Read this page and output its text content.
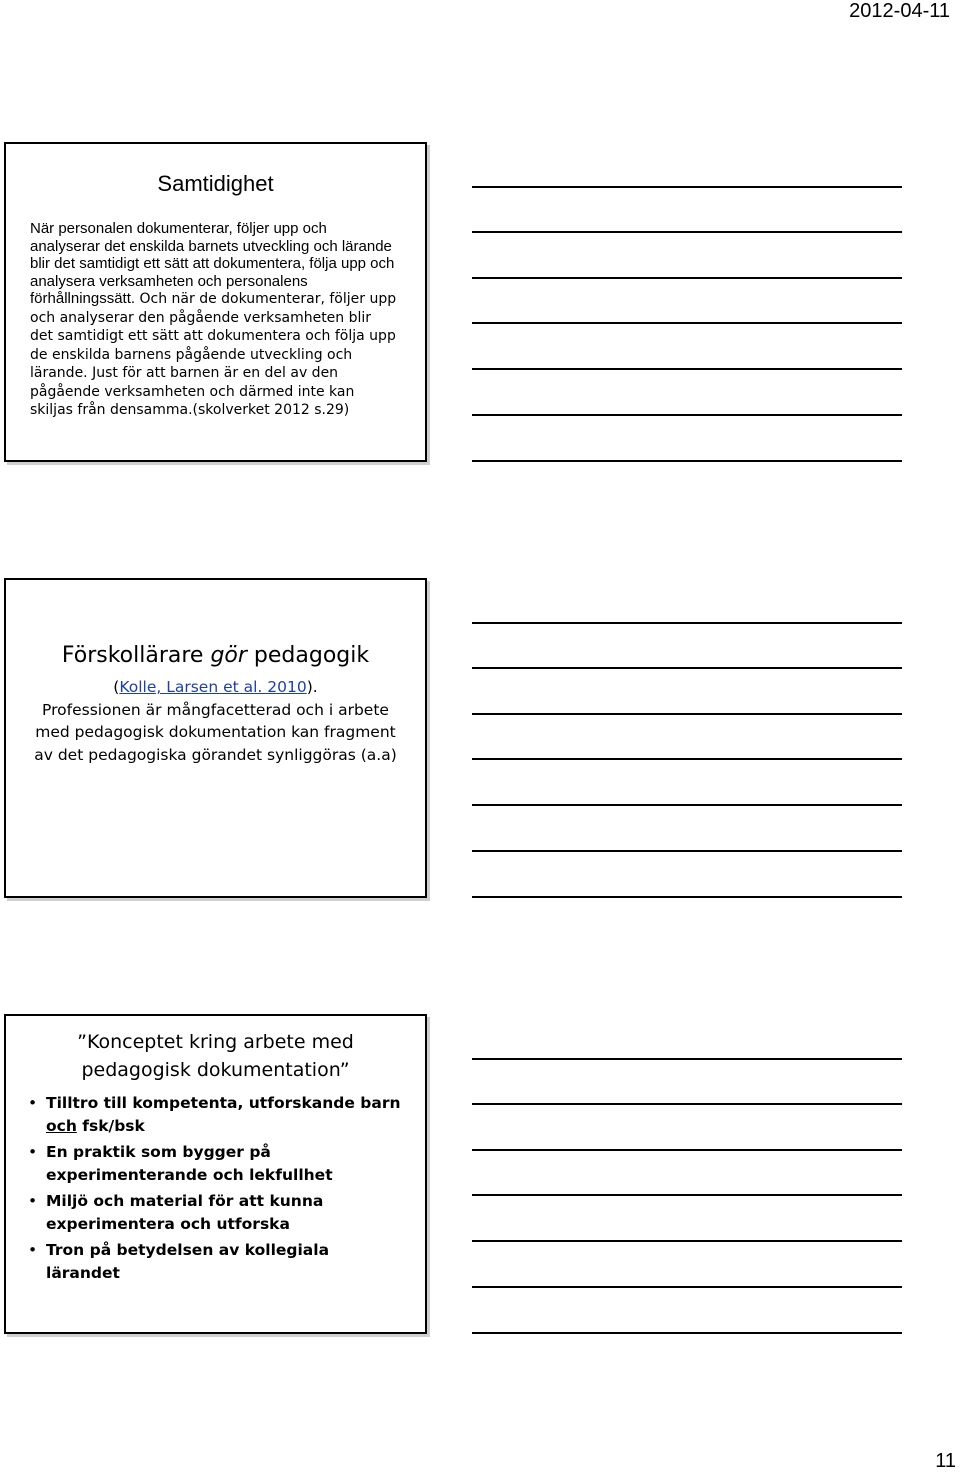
2012-04-11
Samtidighet
När personalen dokumenterar, följer upp och analyserar det enskilda barnets utveckling och lärande blir det samtidigt ett sätt att dokumentera, följa upp och analysera verksamheten och personalens förhållningssätt. Och när de dokumenterar, följer upp och analyserar den pågående verksamheten blir det samtidigt ett sätt att dokumentera och följa upp de enskilda barnens pågående utveckling och lärande. Just för att barnen är en del av den pågående verksamheten och därmed inte kan skiljas från densamma.(skolverket 2012 s.29)
Förskollärare gör pedagogik
(Kolle, Larsen et al. 2010).
Professionen är mångfacetterad och i arbete med pedagogisk dokumentation kan fragment av det pedagogiska görandet synliggöras (a.a)
”Konceptet kring arbete med
pedagogisk dokumentation”
• Tilltro till kompetenta, utforskande barn och fsk/bsk
• En praktik som bygger på experimenterande och lekfullhet
• Miljö och material för att kunna experimentera och utforska
• Tron på betydelsen av kollegiala lärandet
11
